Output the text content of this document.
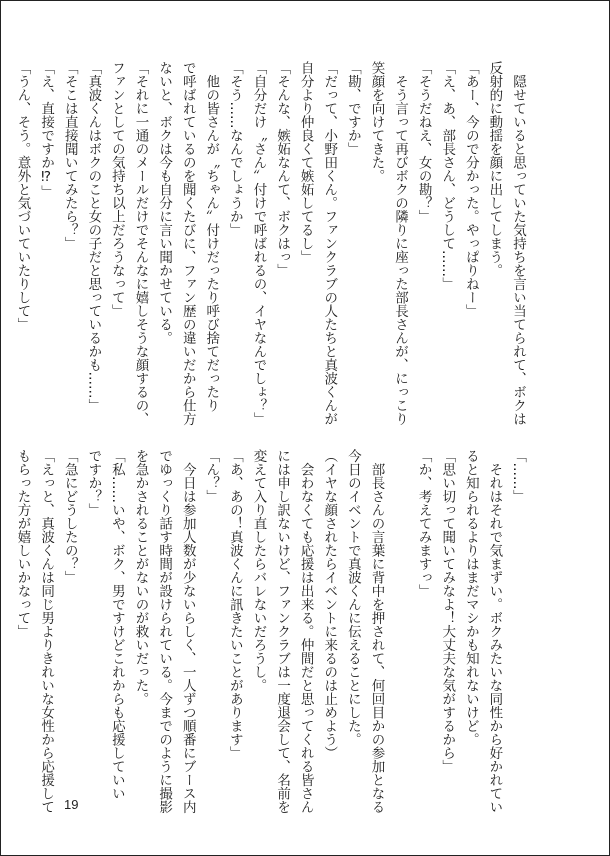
　隠せていると思っていた気持ちを言い当てられて、ボクは

反射的に動揺を顔に出してしまう。

「あー、今ので分かった。やっぱりねー」

「え、あ、部長さん、どうして……」

「そうだねえ、女の勘？」

　そう言って再びボクの隣りに座った部長さんが、にっこり

笑顔を向けてきた。

「勘、ですか」

「だって、小野田くん。ファンクラブの人たちと真波くんが

自分より仲良くて嫉妬してるし」

「そんな、嫉妬なんて、ボクはっ」

「自分だけ〝さん〟付けで呼ばれるの、イヤなんでしょ？」

「そう……なんでしょうか」

　他の皆さんが〝ちゃん〟付けだったり呼び捨てだったり

で呼ばれているのを聞くたびに、ファン歴の違いだから仕方

ないと、ボクは今も自分に言い聞かせている。

「それに一通のメールだけでそんなに嬉しそうな顔するの、

ファンとしての気持ち以上だろうなって」

「真波くんはボクのこと女の子だと思っているかも……」

「そこは直接聞いてみたら？」

「え、直接ですか⁉」

「うん、そう。意外と気づいていたりして」

「……」

　それはそれで気まずい。ボクみたいな同性から好かれてい

ると知られるよりはまだマシかも知れないけど。

「思い切って聞いてみなよ！大丈夫な気がするから」

「か、考えてみますっ」

　部長さんの言葉に背中を押されて、何回目かの参加となる

今日のイベントで真波くんに伝えることにした。

（イヤな顔されたらイベントに来るのは止めよう）

　会わなくても応援は出来る。仲間だと思ってくれる皆さん

には申し訳ないけど、ファンクラブは一度退会して、名前を

変えて入り直したらバレないだろうし。

「あ、あの！真波くんに訊きたいことがあります」

「ん？」

　今日は参加人数が少ないらしく、一人ずつ順番にブース内

でゆっくり話す時間が設けられている。今までのように撮影

を急かされることがないのが救いだった。

「私……いや、ボク、男ですけどこれからも応援していい

ですか？」

「急にどうしたの？」

「えっと、真波くんは同じ男よりきれいな女性から応援して

もらった方が嬉しいかなって」

19
